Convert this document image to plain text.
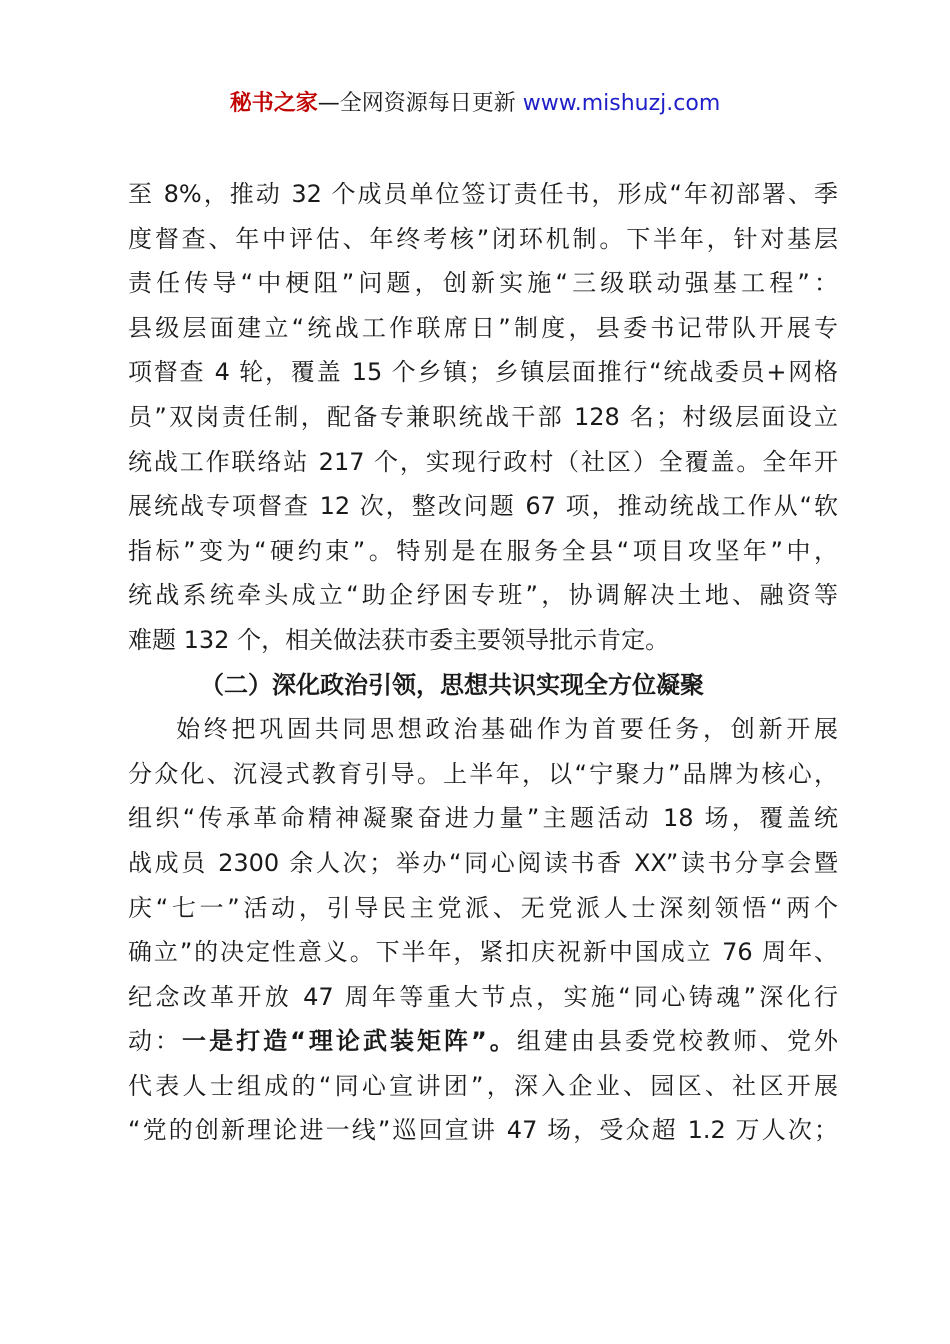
秘书之家—全网资源每日更新 www.mishuzj.com
至 8%，推动 32 个成员单位签订责任书，形成“年初部署、季
度督查、年中评估、年终考核”闭环机制。下半年，针对基层
责任传导“中梗阻”问题，创新实施“三级联动强基工程”：
县级层面建立“统战工作联席日”制度，县委书记带队开展专
项督查 4 轮，覆盖 15 个乡镇；乡镇层面推行“统战委员+网格
员”双岗责任制，配备专兼职统战干部 128 名；村级层面设立
统战工作联络站 217 个，实现行政村（社区）全覆盖。全年开
展统战专项督查 12 次，整改问题 67 项，推动统战工作从“软
指标”变为“硬约束”。特别是在服务全县“项目攻坚年”中，
统战系统牵头成立“助企纾困专班”，协调解决土地、融资等
难题 132 个，相关做法获市委主要领导批示肯定。
（二）深化政治引领，思想共识实现全方位凝聚
始终把巩固共同思想政治基础作为首要任务，创新开展
分众化、沉浸式教育引导。上半年，以“宁聚力”品牌为核心，
组织“传承革命精神凝聚奋进力量”主题活动 18 场，覆盖统
战成员 2300 余人次；举办“同心阅读书香 XX”读书分享会暨
庆“七一”活动，引导民主党派、无党派人士深刻领悟“两个
确立”的决定性意义。下半年，紧扣庆祝新中国成立 76 周年、
纪念改革开放 47 周年等重大节点，实施“同心铸魂”深化行
动：一是打造“理论武装矩阵”。组建由县委党校教师、党外
代表人士组成的“同心宣讲团”，深入企业、园区、社区开展
“党的创新理论进一线”巡回宣讲 47 场，受众超 1.2 万人次；
